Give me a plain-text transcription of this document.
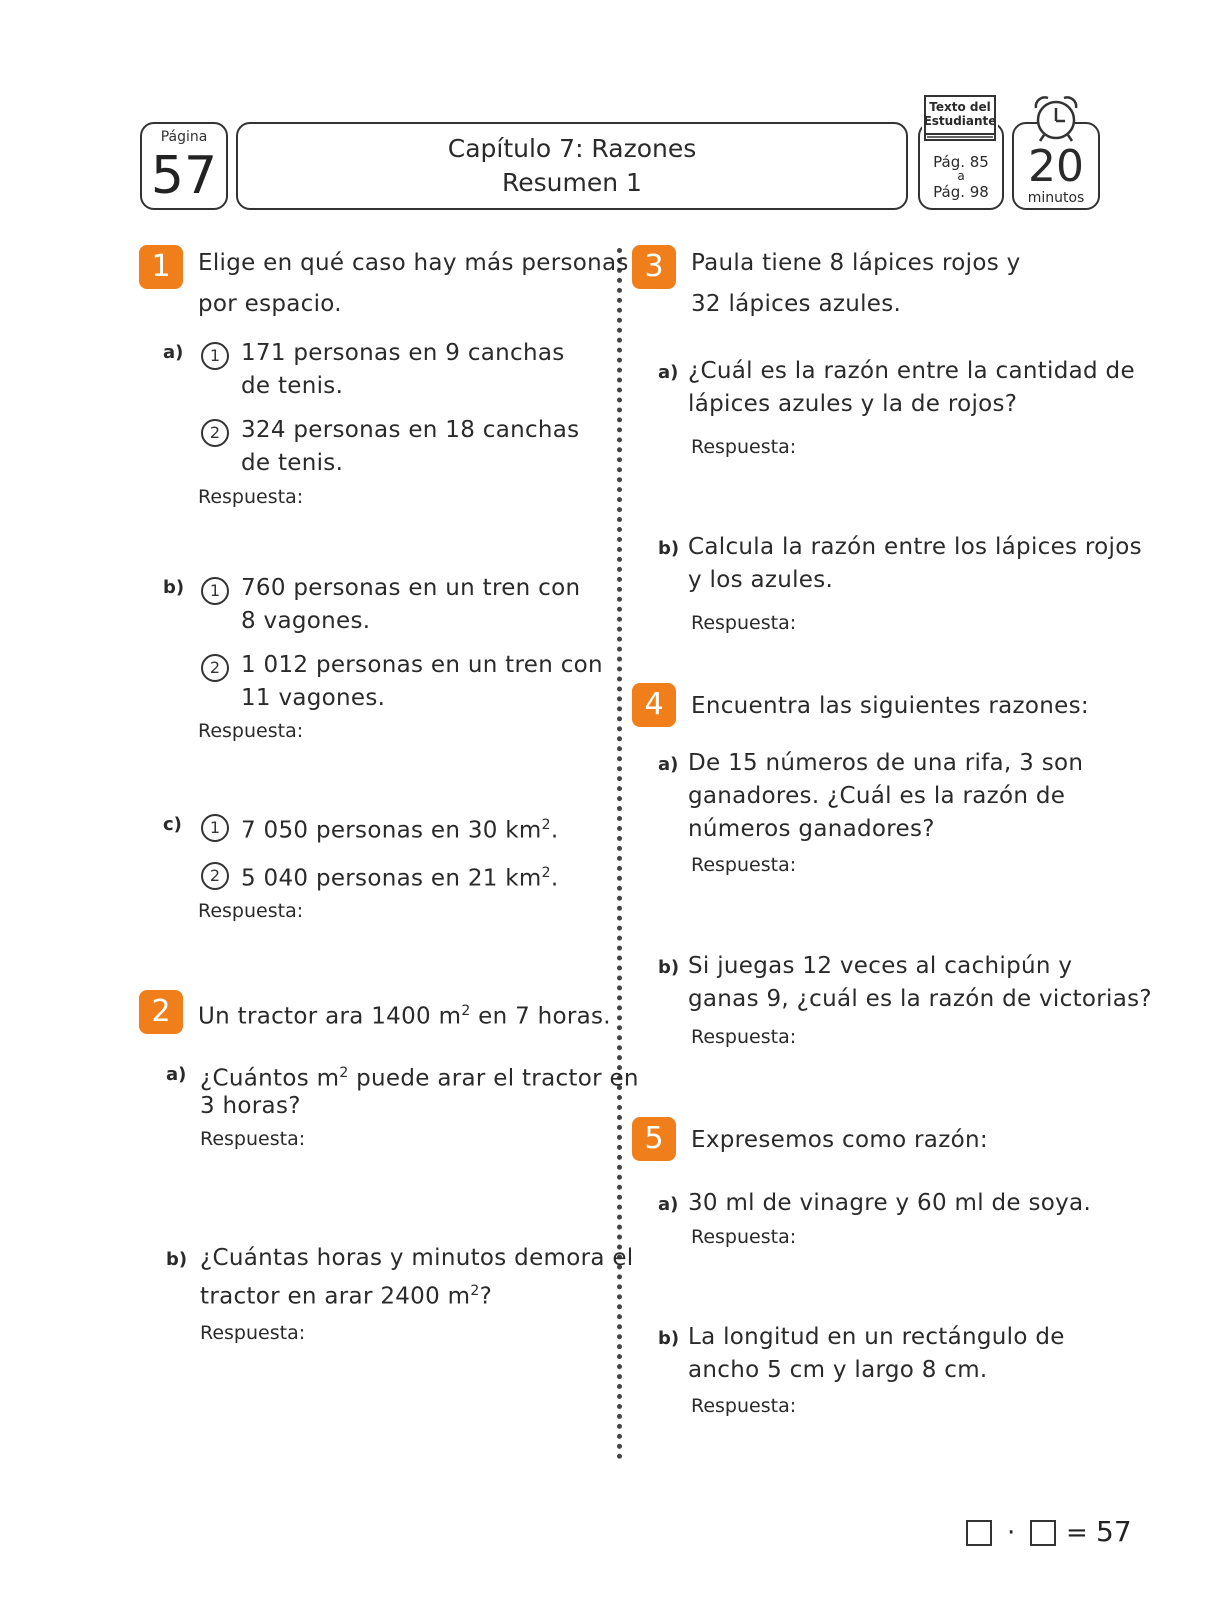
Página
57	Capítulo 7: Razones
Resumen 1
Pág. 85
a
Pág. 98
Texto del
Estudiante
20
minutos
1	Elige en qué caso hay más personas
por espacio.
a)	1 171 personas en 9 canchas
de tenis.
2 324 personas en 18 canchas
de tenis.
Respuesta:
b)	1 760 personas en un tren con
8 vagones.
2 1 012 personas en un tren con
11 vagones.
Respuesta:
c)	1 7 050 personas en 30 $km^2$.
2 5 040 personas en 21 $km^2$.
Respuesta:
2	Un tractor ara 1400 $m^2$ en 7 horas.
a) ¿Cuántos $m^2$ puede arar el tractor en
3 horas?
Respuesta:
b) ¿Cuántas horas y minutos demora el
tractor en arar 2400 $m^2$?
Respuesta:
3	Paula tiene 8 lápices rojos y
32 lápices azules.
a) ¿Cuál es la razón entre la cantidad de
lápices azules y la de rojos?
Respuesta:
b) Calcula la razón entre los lápices rojos
y los azules.
Respuesta:
4	Encuentra las siguientes razones:
a) De 15 números de una rifa, 3 son
ganadores. ¿Cuál es la razón de
números ganadores?
Respuesta:
b) Si juegas 12 veces al cachipún y
ganas 9, ¿cuál es la razón de victorias?
Respuesta:
5	Expresemos como razón:
a) 30 ml de vinagre y 60 ml de soya.
Respuesta:
b) La longitud en un rectángulo de
ancho 5 cm y largo 8 cm.
Respuesta:
· = 57
